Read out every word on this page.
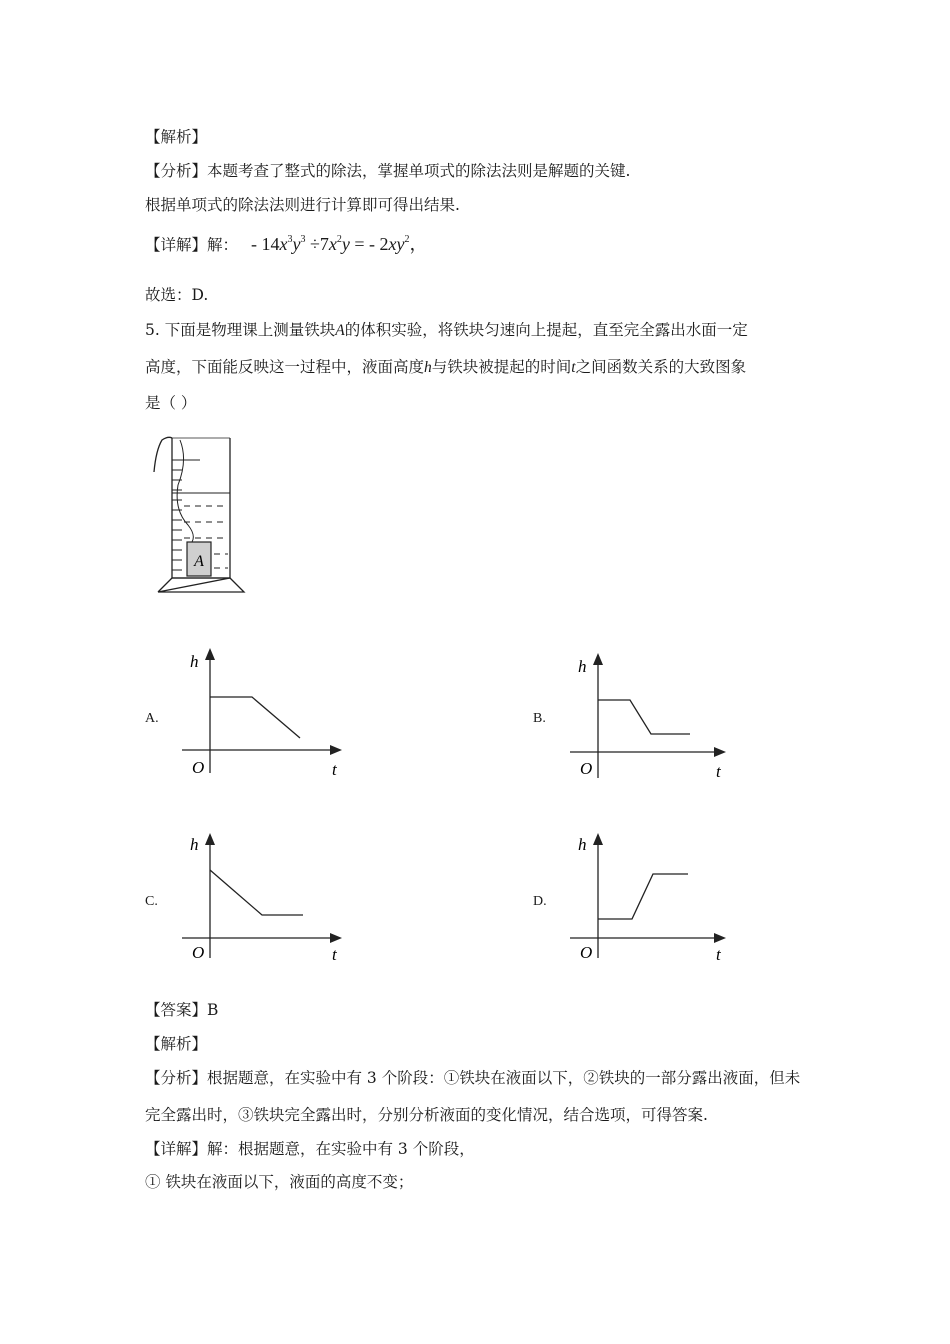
【解析】
【分析】本题考查了整式的除法，掌握单项式的除法法则是解题的关键.
根据单项式的除法法则进行计算即可得出结果.
【详解】解： - $14x^3y^3 \div 7x^2y$ = - $2xy^2$，
故选：D.
5. 下面是物理课上测量铁块A的体积实验，将铁块匀速向上提起，直至完全露出水面一定
高度，下面能反映这一过程中，液面高度h与铁块被提起的时间t之间函数关系的大致图象
是（ ）
A
A.
h
t
O
B.
h
t
O
C.
h
t
O
D.
h
t
O
【答案】B
【解析】
【分析】根据题意，在实验中有 3 个阶段：①铁块在液面以下，②铁块的一部分露出液面，但未
完全露出时，③铁块完全露出时，分别分析液面的变化情况，结合选项，可得答案.
【详解】解：根据题意，在实验中有 3 个阶段，
① 铁块在液面以下，液面的高度不变；
